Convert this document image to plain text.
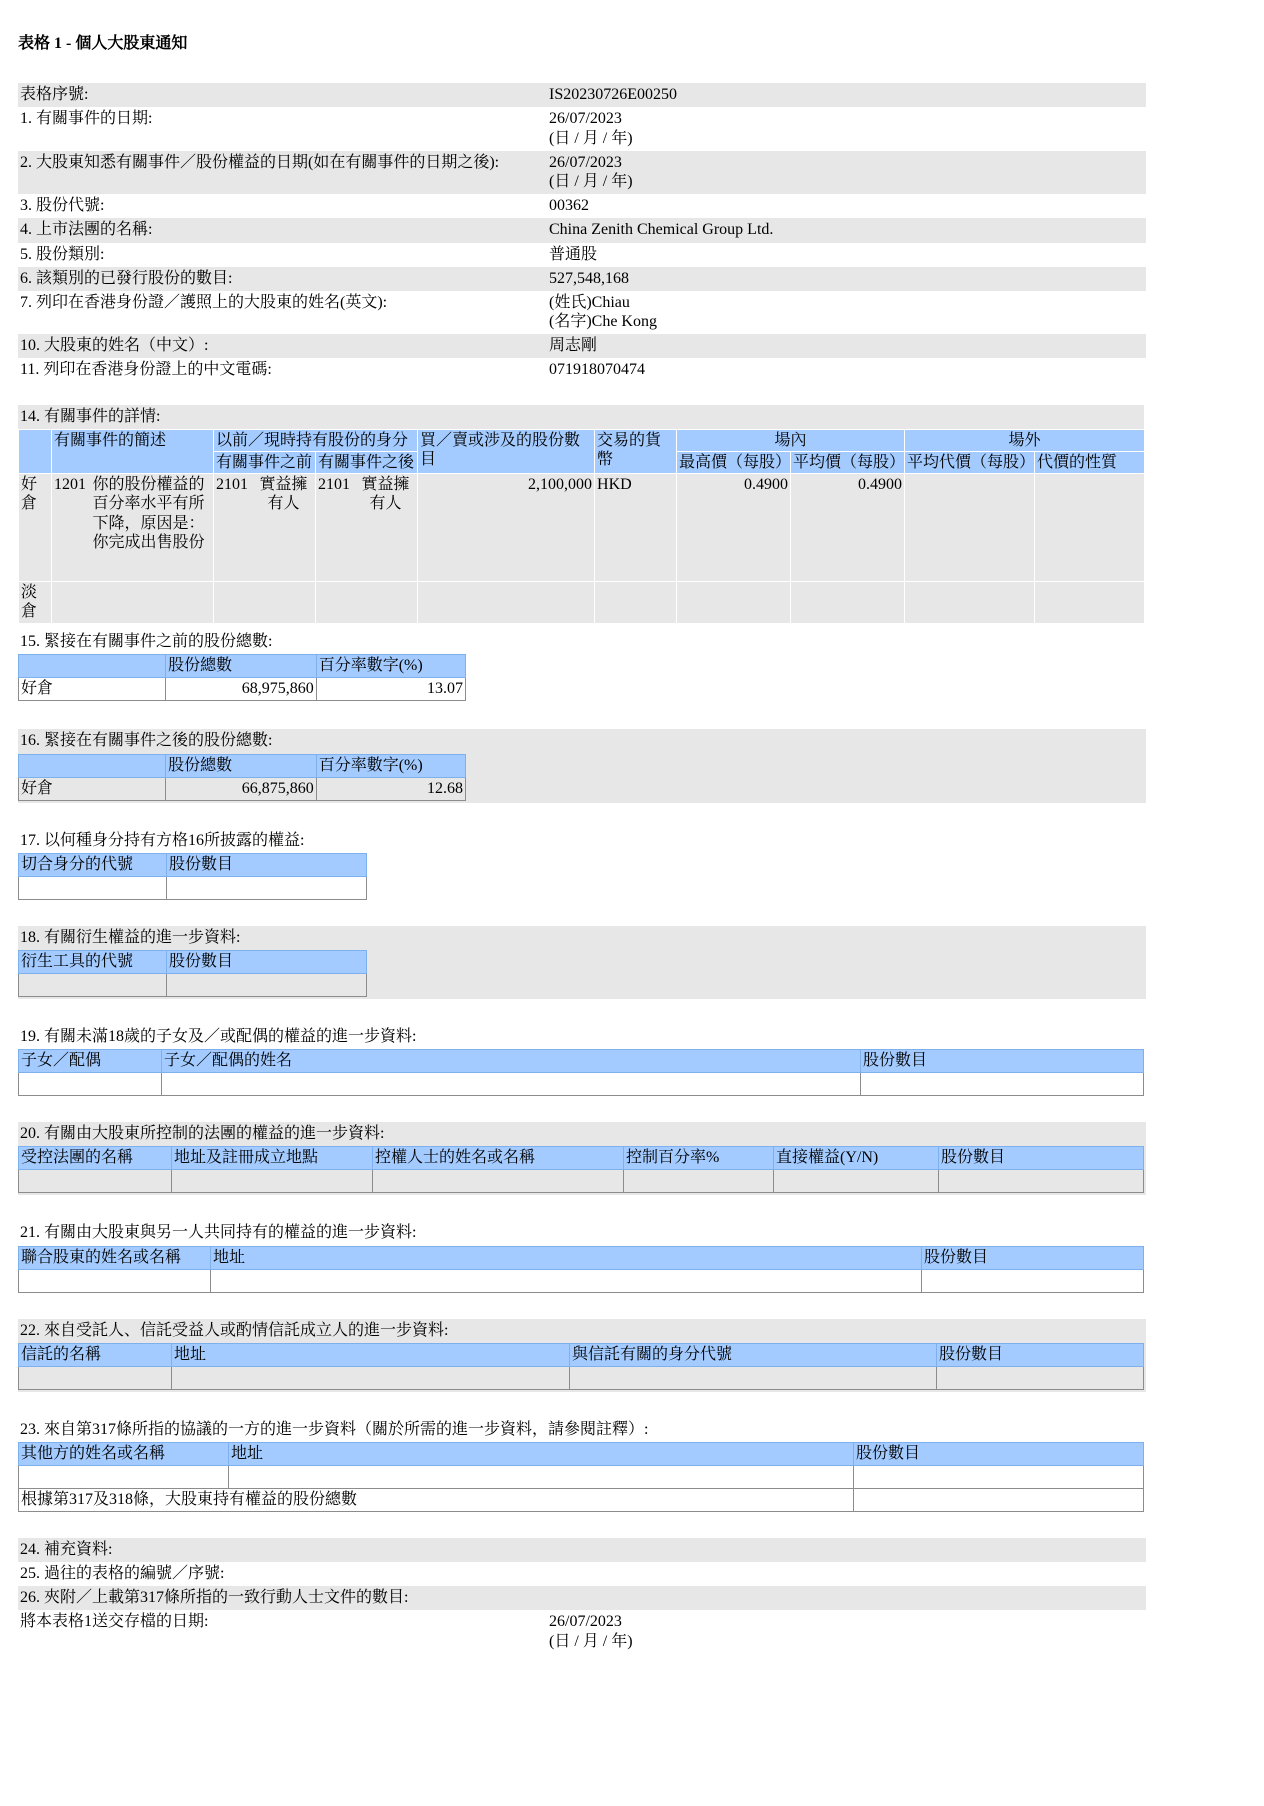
表格 1 - 個人大股東通知
表格序號:	IS20230726E00250
1. 有關事件的日期:	26/07/2023
(日 / 月 / 年)

2. 大股東知悉有關事件／股份權益的日期(如在有關事件的日期之後):	26/07/2023
(日 / 月 / 年)

3. 股份代號:	00362
4. 上市法團的名稱:	China Zenith Chemical Group Ltd.
5. 股份類別:	普通股
6. 該類別的已發行股份的數目:	527,548,168
7. 列印在香港身份證／護照上的大股東的姓名(英文):	(姓氏)Chiau
(名字)Che Kong

10. 大股東的姓名（中文）:	周志剛
11. 列印在香港身份證上的中文電碼:	071918070474
14. 有關事件的詳情:
	有關事件的簡述	以前／現時持有股份的身分		買／賣或涉及的股份數目	交易的貨幣	場內		場外	
		有關事件之前	有關事件之後			最高價（每股）	平均價（每股）	平均代價（每股）	代價的性質
好倉	1201 你的股份權益的百分率水平有所下降，原因是：你完成出售股份	2101 實益擁有人	2101 實益擁有人	2,100,000	HKD	0.4900	0.4900		
淡倉									
15. 緊接在有關事件之前的股份總數:
	股份總數	百分率數字(%)
好倉	68,975,860	13.07
16. 緊接在有關事件之後的股份總數:
	股份總數	百分率數字(%)
好倉	66,875,860	12.68
17. 以何種身分持有方格16所披露的權益:
切合身分的代號	股份數目

18. 有關衍生權益的進一步資料:
衍生工具的代號	股份數目

19. 有關未滿18歲的子女及／或配偶的權益的進一步資料:
子女／配偶	子女／配偶的姓名	股份數目

20. 有關由大股東所控制的法團的權益的進一步資料:
受控法團的名稱	地址及註冊成立地點	控權人士的姓名或名稱	控制百分率%	直接權益(Y/N)	股份數目

21. 有關由大股東與另一人共同持有的權益的進一步資料:
聯合股東的姓名或名稱	地址	股份數目

22. 來自受託人、信託受益人或酌情信託成立人的進一步資料:
信託的名稱	地址	與信託有關的身分代號	股份數目

23. 來自第317條所指的協議的一方的進一步資料（關於所需的進一步資料，請參閱註釋）:
其他方的姓名或名稱	地址	股份數目

根據第317及318條，大股東持有權益的股份總數		
24. 補充資料:	
25. 過往的表格的編號／序號:	
26. 夾附／上載第317條所指的一致行動人士文件的數目:	
將本表格1送交存檔的日期:	26/07/2023
(日 / 月 / 年)
